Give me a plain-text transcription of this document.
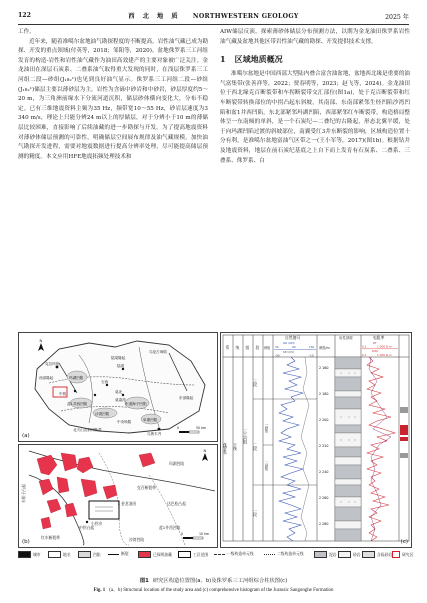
122	西 北 地 质 NORTHWESTERN GEOLOGY	2025 年

工作。

近年来，随着准噶尔盆地油气勘探程度的不断提高，岩性油气藏已成为勘探、开发的重点领域(付英等，2018；邹阳等，2020)。盆地侏罗系三工河组发育的构造-岩性和岩性油气藏作为油田高效建产的主要对象被广泛关注。金龙油田在深层石炭系、二叠系油气取得重大发现的同时，在浅层侏罗系三工河组二段—砂组(J₁s₂¹)也见到良好油气显示。侏罗系三工河组二段—砂组(J₁s₂¹)储层主要以薄砂层为主，岩性为含砾中砂岩和中砂岩，砂层厚度约5～20 m，为三角洲前缘水下分流河道沉积，储层砂体横向变化大，分布不稳定。已有三维地震资料主频为35 Hz，频带宽10～55 Hz，砂岩层速度为3 340 m/s，理论上只能分辨24 m以上的厚储层，对于分辨小于10 m的薄储层比较困难，直接影响了后续油藏的进一步勘探与开发。为了提高地震资料对薄砂体储层预测的可靠性，明确储层空间展布规律及油气藏规模，加快油气勘探开发进程，需要对地震数据进行提高分辨率处理，尽可能提高储层预测的精度。本文应用HFE地震拓频处理技术和

AIW储层反演，探索薄砂体储层分布预测方法，以期为金龙油田侏罗系岩性油气藏及盆地其他区带岩性油气藏的勘探、开发提供技术支撑。

1 区域地质概况

准噶尔盆地是中国西部大型陆内叠合富含油盆地，盆地西北缘是重要的油气富集带(张善祥等，2022；贾春明等，2023；赵飞等，2024)。金龙油田位于西北缘克百断裂带和车拐断裂带交汇部位(图1a)，处于克百断裂带和红车断裂带转换部位的中拐凸起东斜坡，其南部、东南部紧邻生烃凹陷沙湾凹陷和盆1井西凹陷，东北部紧邻玛湖凹陷，西部紧邻红车断裂带，构造格局整体呈一东南倾的单斜，是一个石炭纪—二叠纪的古隆起，形态北翼平缓，处于向玛湖凹陷过渡的斜坡部位，南翼受红3井东断裂的影响，区域构造位置十分有利，是准噶尔盆地富油气区带之一(王小军等，2017)(图1b)。根据钻井及地震资料，地层在前石炭纪基底之上自下而上发育有石炭系、二叠系、三叠系、侏罗系、白

克拉玛依
石西
陆梁
莫北
莫索湾
乌鲁木齐
中拐
盆1井西凹陷
玛湖凹陷
沙湾凹陷
东道海子凹陷
阜康凹陷
中央坳陷
西部隆起
北天山山前冲断带
乌伦古坳陷
东部隆起
陆梁隆起
N
0	50 km
(a)
车排子凸起
中拐凸起
红车断裂带
克百断裂带
玛湖凹陷
达巴松凸起
盆1井西凹陷
沙湾凹陷
小拐乡
金龙油田
N
0	10 km
(b)
系 统 组 段 砂组
自然伽马
深度/m
岩性剖面	电阻率
GR (API)
30	90	150
SP (mV)
-90	-10
RT
0.1	1 000 Ω·m
RXO
0.1	1 000 Ω·m
侏罗系 下统
三工河组
三段
二段
一段
一砂组
二砂组
2 160
2 180
2 200
2 220
2 240
2 260
2 280
(c)
城市	地名	凹陷	断裂	已探明油藏	工区范围	一级构造单元线	二级构造单元线	泥岩	砂岩	含砾砂岩	研究区
图1 研究区构造位置图(a、b)及侏罗系三工河组综合柱状图(c)
Fig. 1 (a、b) Structural location of the study area and (c) comprehensive histogram of the Jurassic Sangonghe Formation
